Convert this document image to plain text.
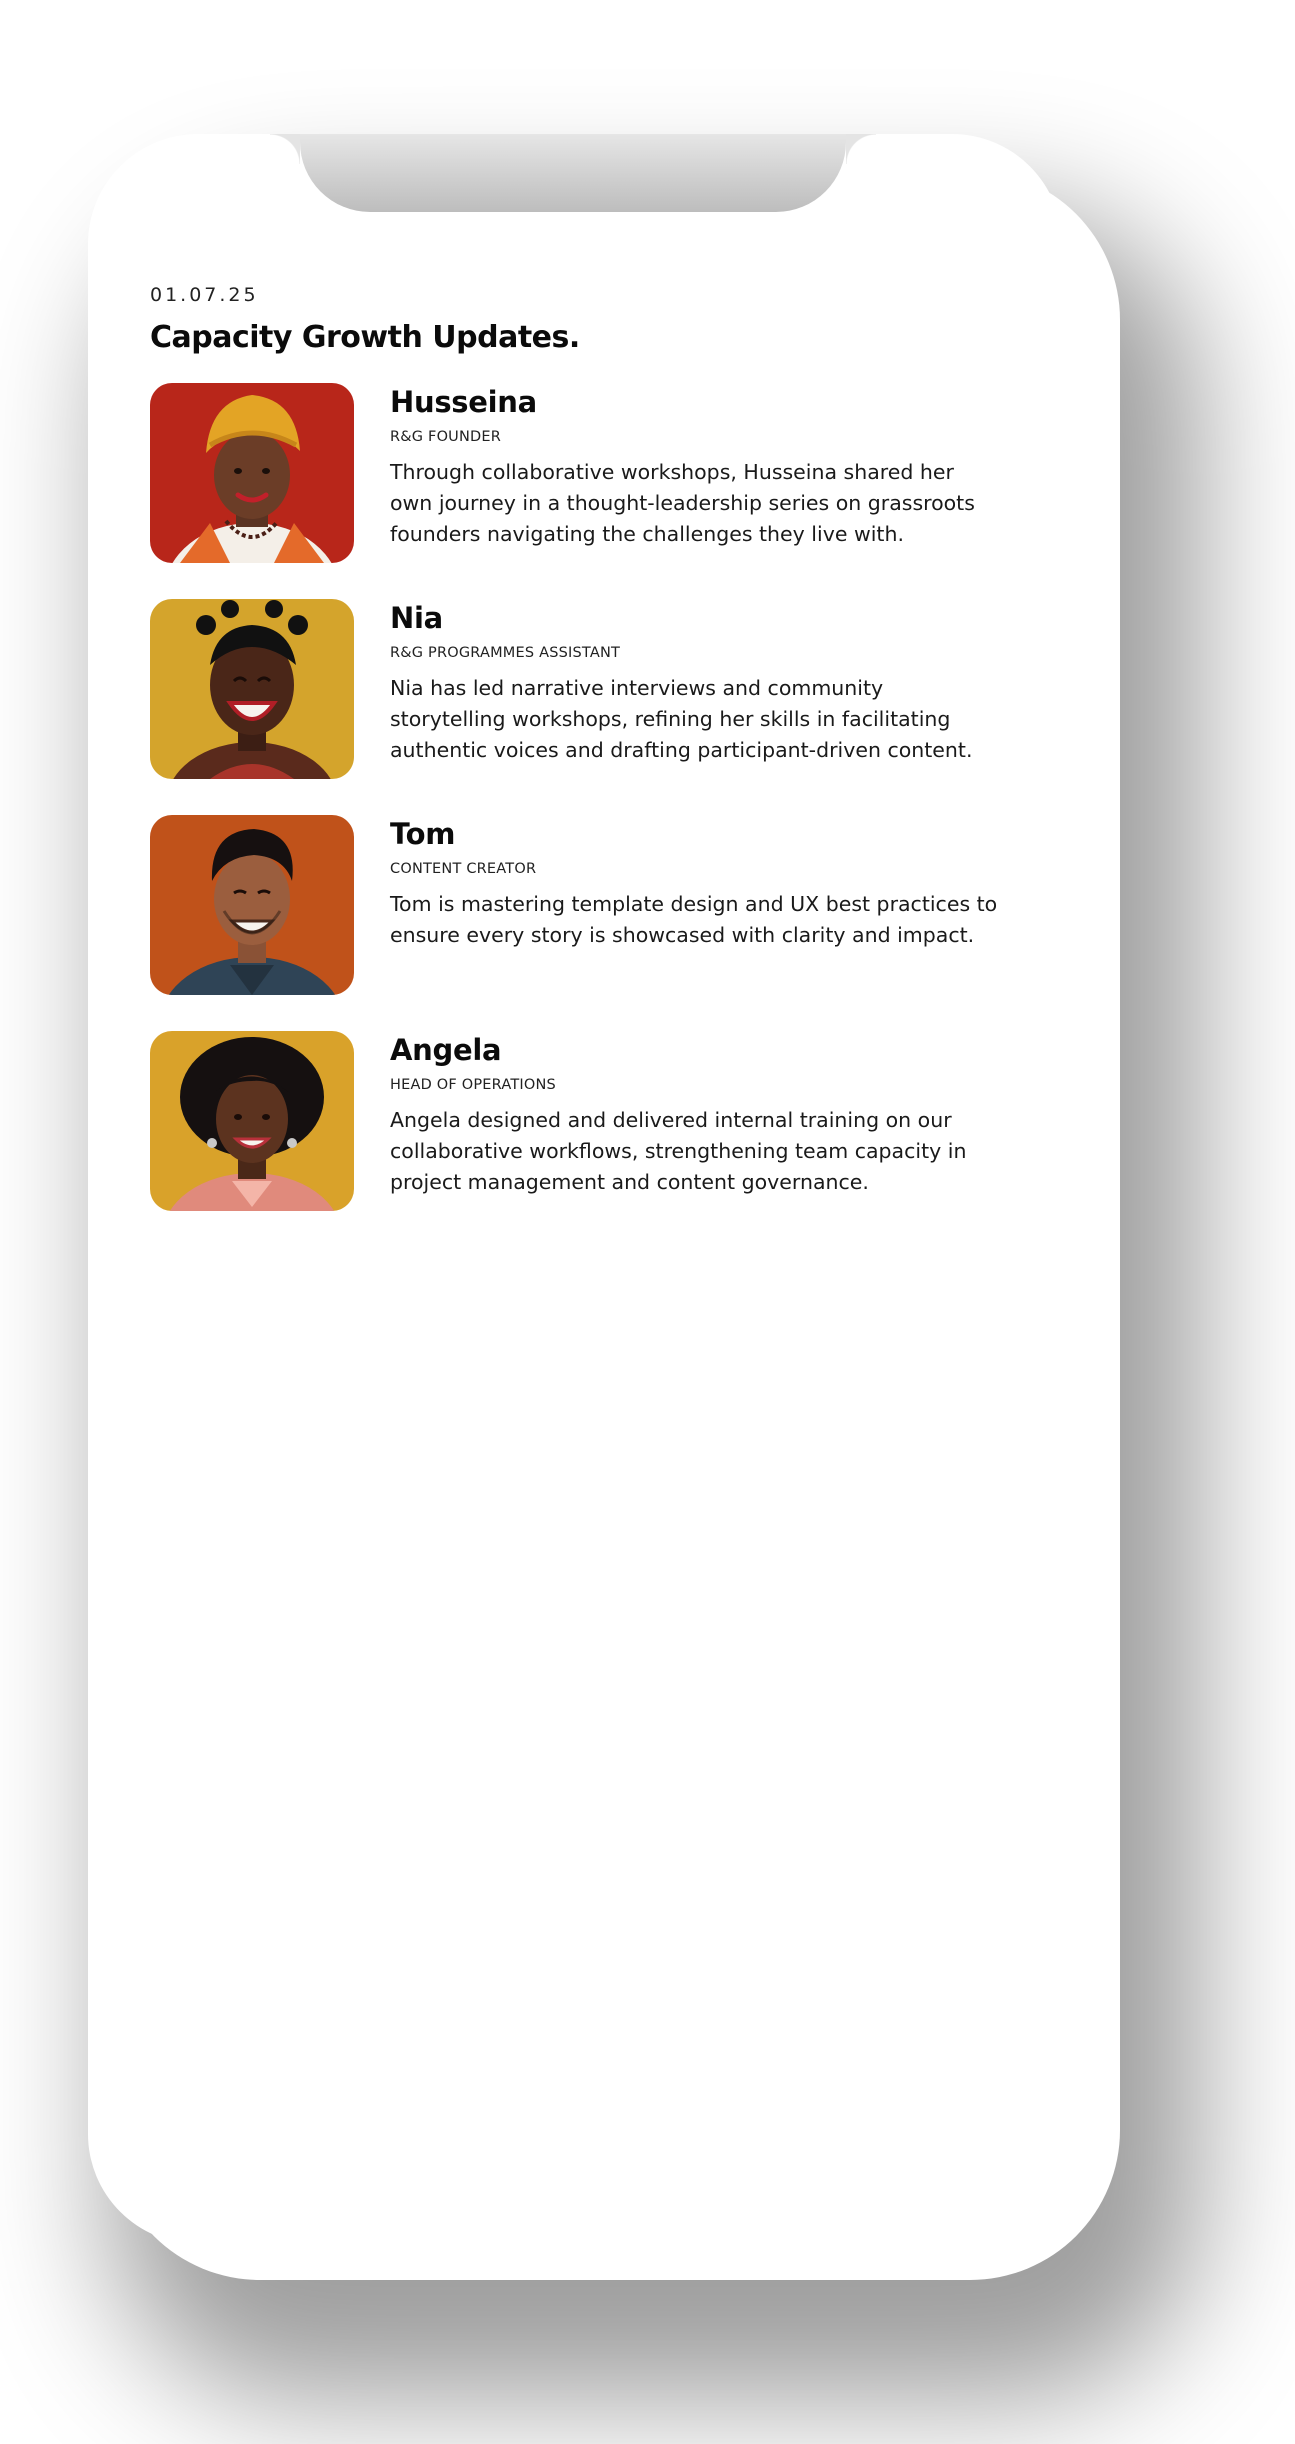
01.07.25
Capacity Growth Updates.
Husseina
R&G FOUNDER
Through collaborative workshops, Husseina shared her own journey in a thought-leadership series on grassroots founders navigating the challenges they live with.
Nia
R&G PROGRAMMES ASSISTANT
Nia has led narrative interviews and community storytelling workshops, refining her skills in facilitating authentic voices and drafting participant-driven content.
Tom
CONTENT CREATOR
Tom is mastering template design and UX best practices to ensure every story is showcased with clarity and impact.
Angela
HEAD OF OPERATIONS
Angela designed and delivered internal training on our collaborative workflows, strengthening team capacity in project management and content governance.
